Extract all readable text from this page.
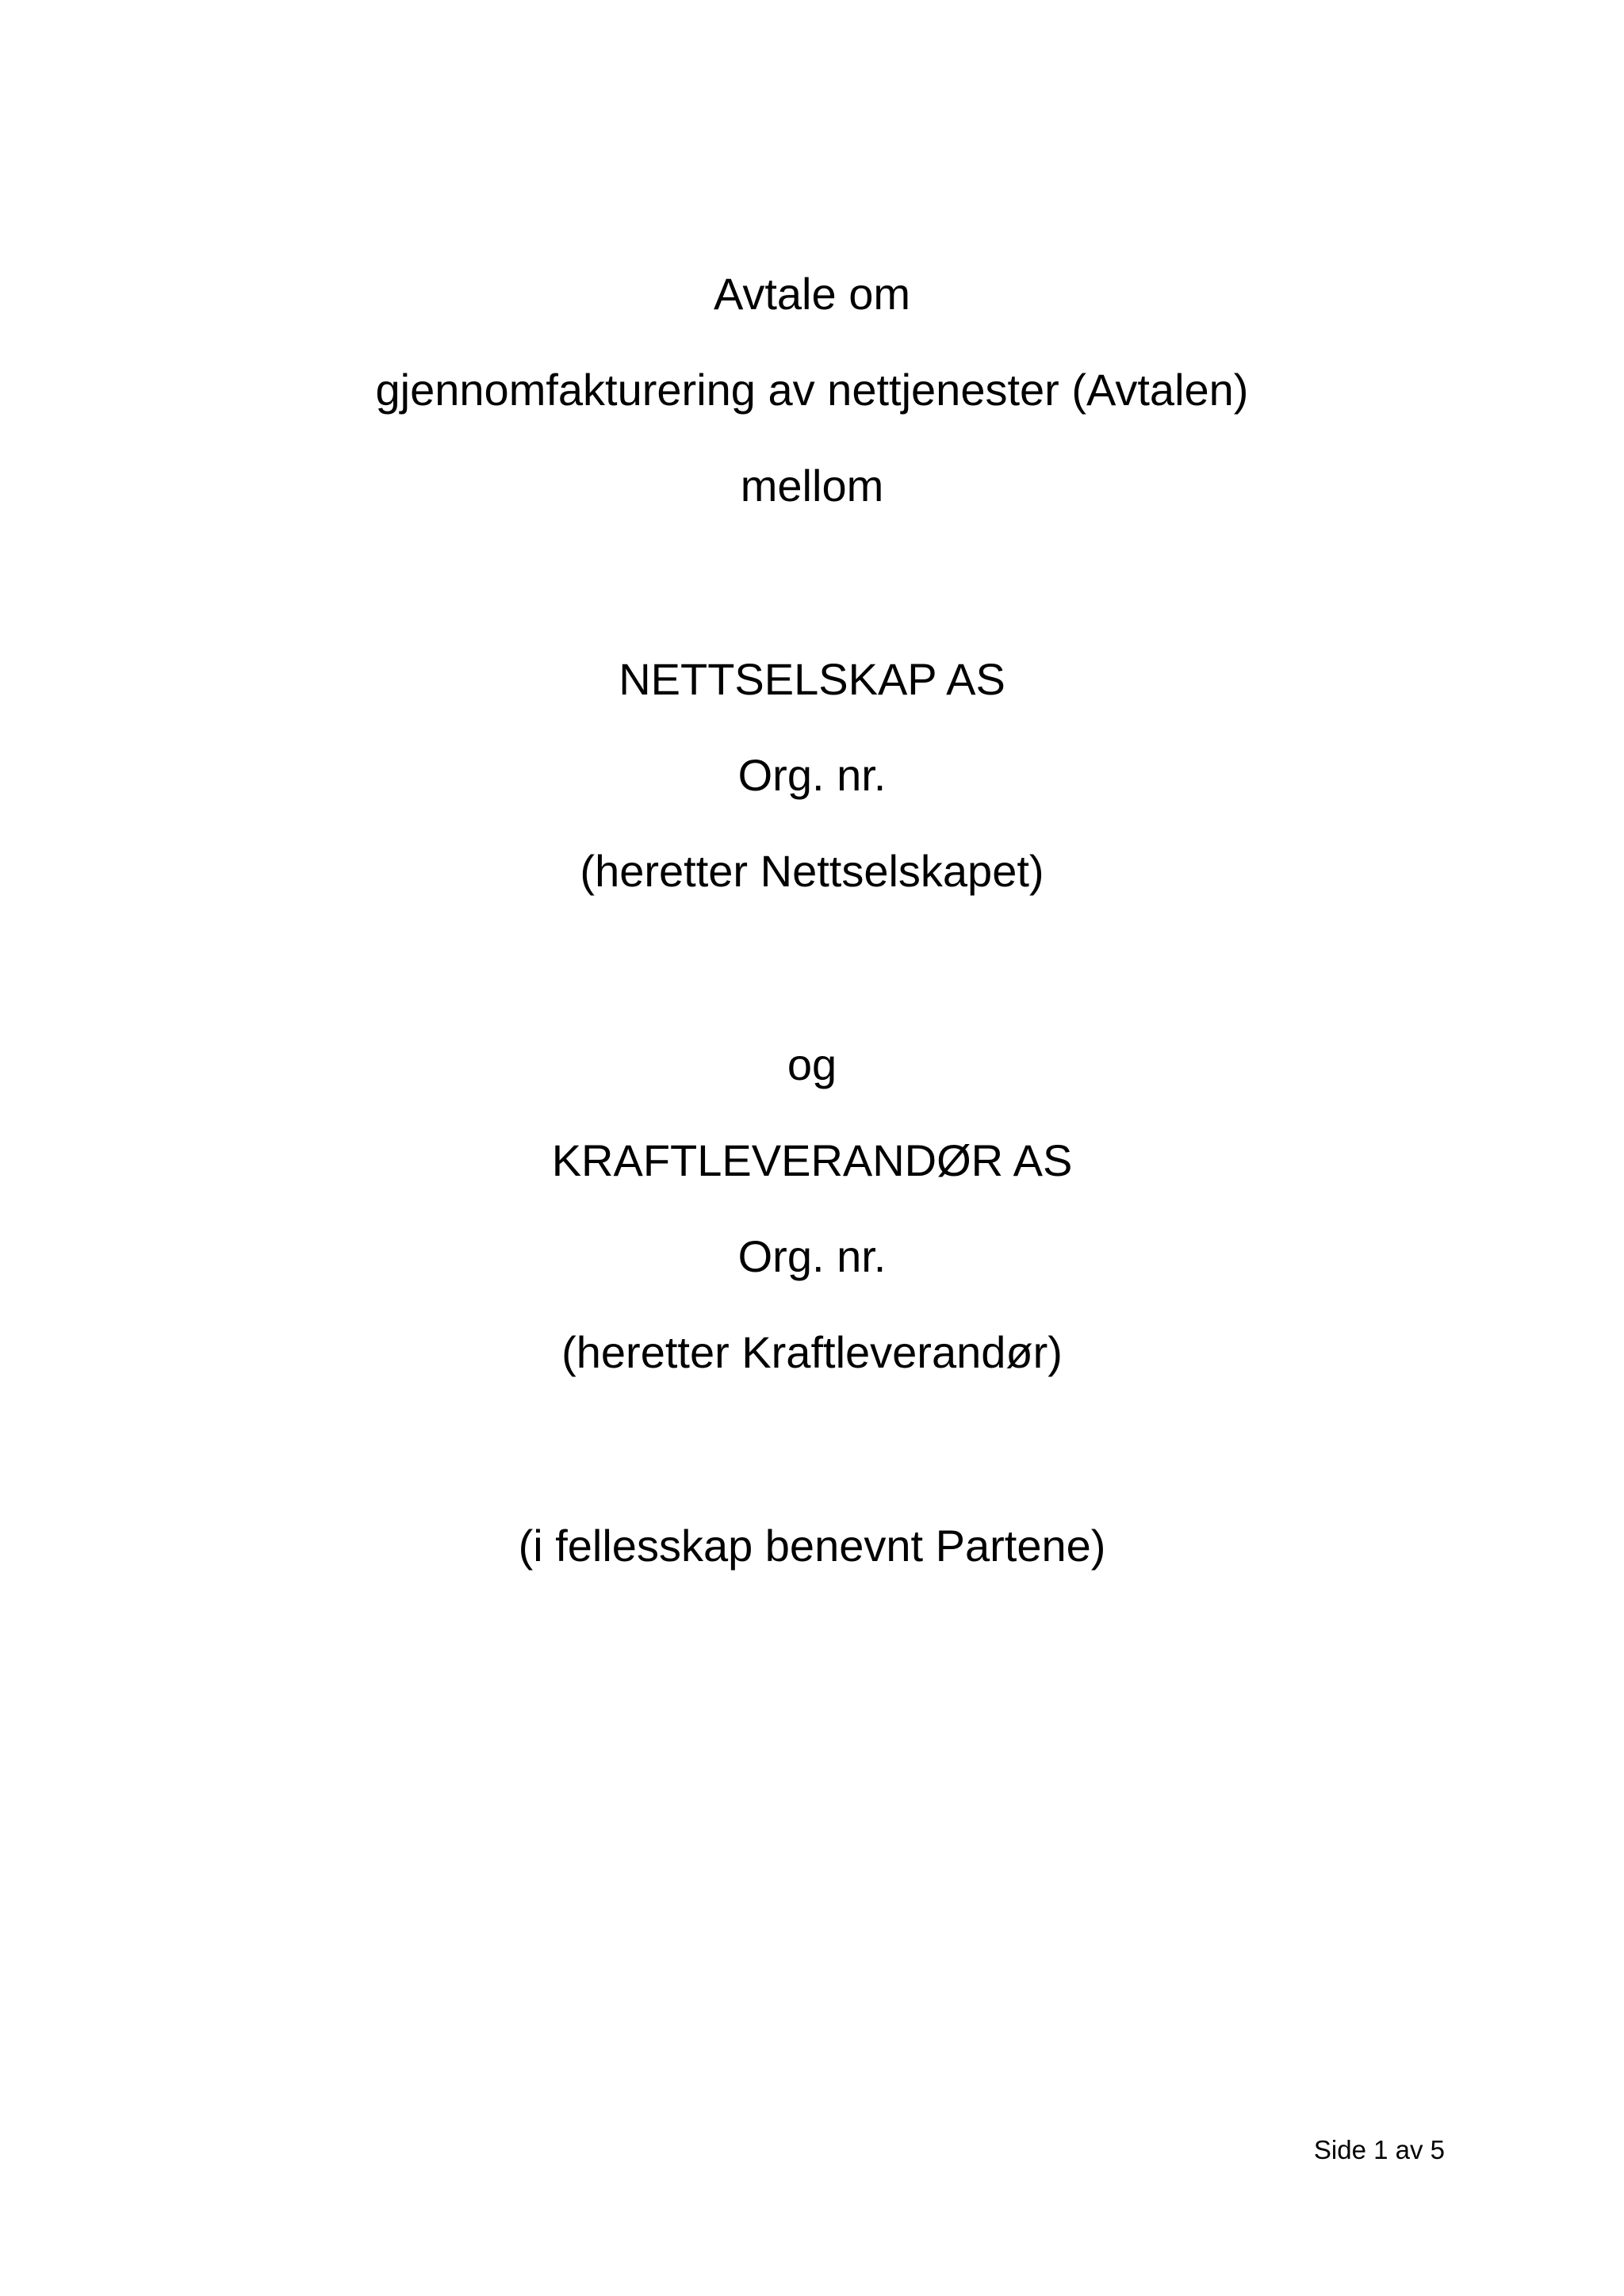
Avtale om
gjennomfakturering av nettjenester (Avtalen)
mellom
NETTSELSKAP AS
Org. nr.
(heretter Nettselskapet)
og
KRAFTLEVERANDØR AS
Org. nr.
(heretter Kraftleverandør)
(i fellesskap benevnt Partene)
Side 1 av 5
